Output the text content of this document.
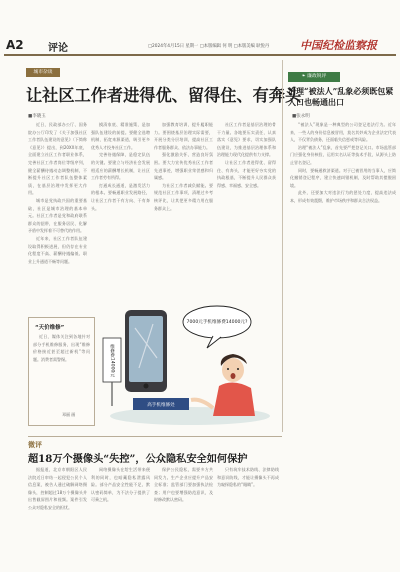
A2 评论	□2024年4月15日 星期一 □本版编辑 何 明 □本版美编 耿悦丹	中国纪检监察报
城市杂谈
让社区工作者进得优、留得住、有奔头
■李晓玉

近日，民政部办公厅、国务院办公厅印发了《关于加强社区工作者队伍建设的意见》（下简称《意见》）提出，到20XX年底，全面建立社区工作者职业体系，完善社区工作者岗位等级序列，健全薪酬待遇动态调整机制，不断提升社区工作者队伍整体素质，在基层治理中发挥更大作用。

城市是党执政兴国的重要基础，社区是城市治理的基本单元。社区工作者是党和政府联系群众的纽带，在服务居民、化解矛盾中发挥着不可替代的作用。

近年来，社区工作者队伍建设取得积极进展，但仍存在专业化程度不高、薪酬待遇偏低、职业上升通道不畅等问题。

摸清家底、精准施策，是加强队伍建设的前提。要健全选聘机制，拓宽来源渠道，吸引更多优秀人才投身社区工作。

完善待遇保障，是稳定队伍的关键。要建立与经济社会发展相适应的薪酬增长机制，让社区工作者劳有所得。

打通成长通道，是激发活力的根本。要畅通职业发展路径，让社区工作者干有方向、干有奔头。

加强教育培训，提升履职能力。要围绕基层治理实际需要，开展分类分层培训，提高社区工作者服务群众、依法办事能力。

强化激励关怀，营造良好氛围。要大力宣传优秀社区工作者先进事迹，增强职业荣誉感和归属感。

为社区工作者减负赋能。要规范社区工作事项，清理过多考核评比，让其把更多精力用在服务群众上。

社区工作者是基层治理的骨干力量。各地要压实责任，认真落实《意见》要求，切实加强队伍建设，为推进基层治理体系和治理能力现代化提供有力支撑。

让社区工作者进得优、留得住、有奔头，才能更好夯实党的执政根基，不断提升人民群众获得感、幸福感、安全感。

“天价维修”
近日，媒体关注到各地针对部分手机维修服务，出现“维修价格接近甚至超过新机”等问题。消费者需警惕。
邓丽 画
维修费14000元
高手机维修处
7000元手机维修费14000元?
❧ 廉政锐评
治理“被法人”乱象必须既包紧入口也畅通出口
■张永明

“被法人”现象是一种典型的公司登记违法行为。近年来，一些人的身份信息被冒用，莫名其妙成为企业法定代表人，不仅背负债务，还面临失信惩戒等风险。

治理“被法人”乱象，首先要严把登记关口。市场监管部门应强化身份核验，运用实名认证等技术手段，从源头上防止冒名登记。

同时，要畅通救济渠道。对于已被冒用的当事人，应简化撤销登记程序，建立快速纠错机制，及时帮助其摆脱困境。

此外，还要加大对违法行为的惩处力度，提高违法成本，形成有效震慑，维护市场秩序和群众合法权益。

微评
超18万个摄像头“失控”，公众隐私安全如何保护

据报道，北京市朝阳区人民法院近日审结一起侵犯公民个人信息案，被告人通过破解网络摄像头，控制超过18万个摄像头并出售截屏图片和视频。案件引发公众对隐私安全的担忧。

网络摄像头在给生活带来便利的同时，也暗藏隐私泄露风险。部分产品安全性能不足、默认密码简单，为不法分子提供了可乘之机。

保护公民隐私，需要多方共同发力。生产企业应提升产品安全标准；监管部门要加强执法检查；用户也要增强防范意识，及时修改默认密码。

只有筑牢技术防线、法律防线和意识防线，才能让摄像头不再成为窥探隐私的“眼睛”。
